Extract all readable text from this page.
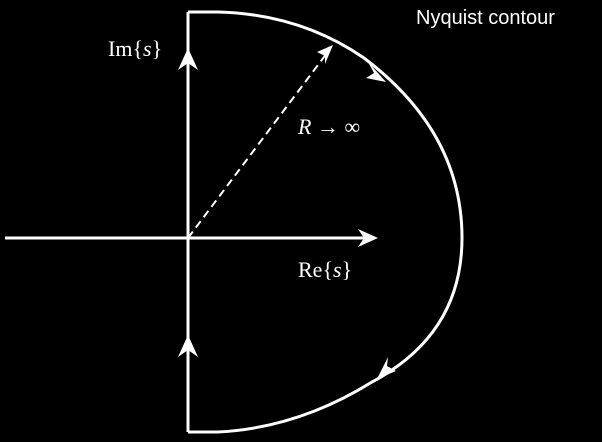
Nyquist contour
Im{s}
Re{s}
R → ∞
